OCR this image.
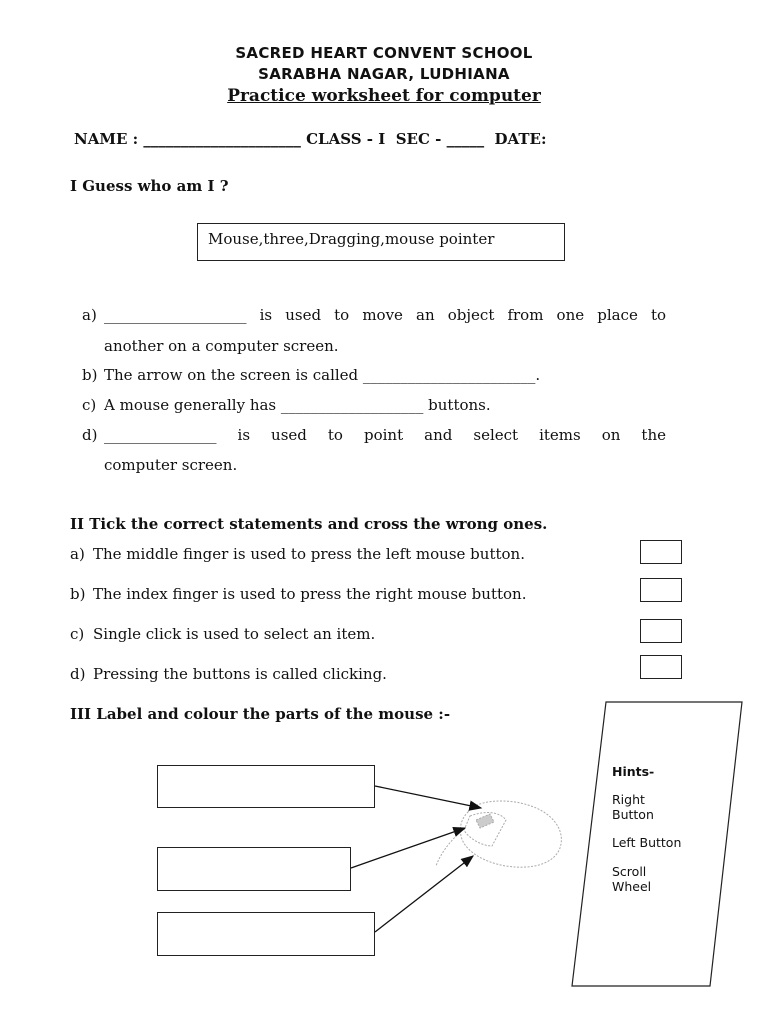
SACRED HEART CONVENT SCHOOL
SARABHA NAGAR, LUDHIANA
Practice worksheet for computer
NAME : _____________________ CLASS - I  SEC - _____  DATE:
I Guess who am I ?
Mouse,three,Dragging,mouse pointer
a) ___________________ is used to move an object from one place to
another on a computer screen.
b) The arrow on the screen is called _______________________.
c) A mouse generally has ___________________ buttons.
d) _______________ is used to point and select items on the
computer screen.
II Tick the correct statements and cross the wrong ones.
a) The middle finger is used to press the left mouse button.
b) The index finger is used to press the right mouse button.
c) Single click is used to select an item.
d) Pressing the buttons is called clicking.
III Label and colour the parts of the mouse :-
Hints-
Right
Button
Left Button
Scroll
Wheel
